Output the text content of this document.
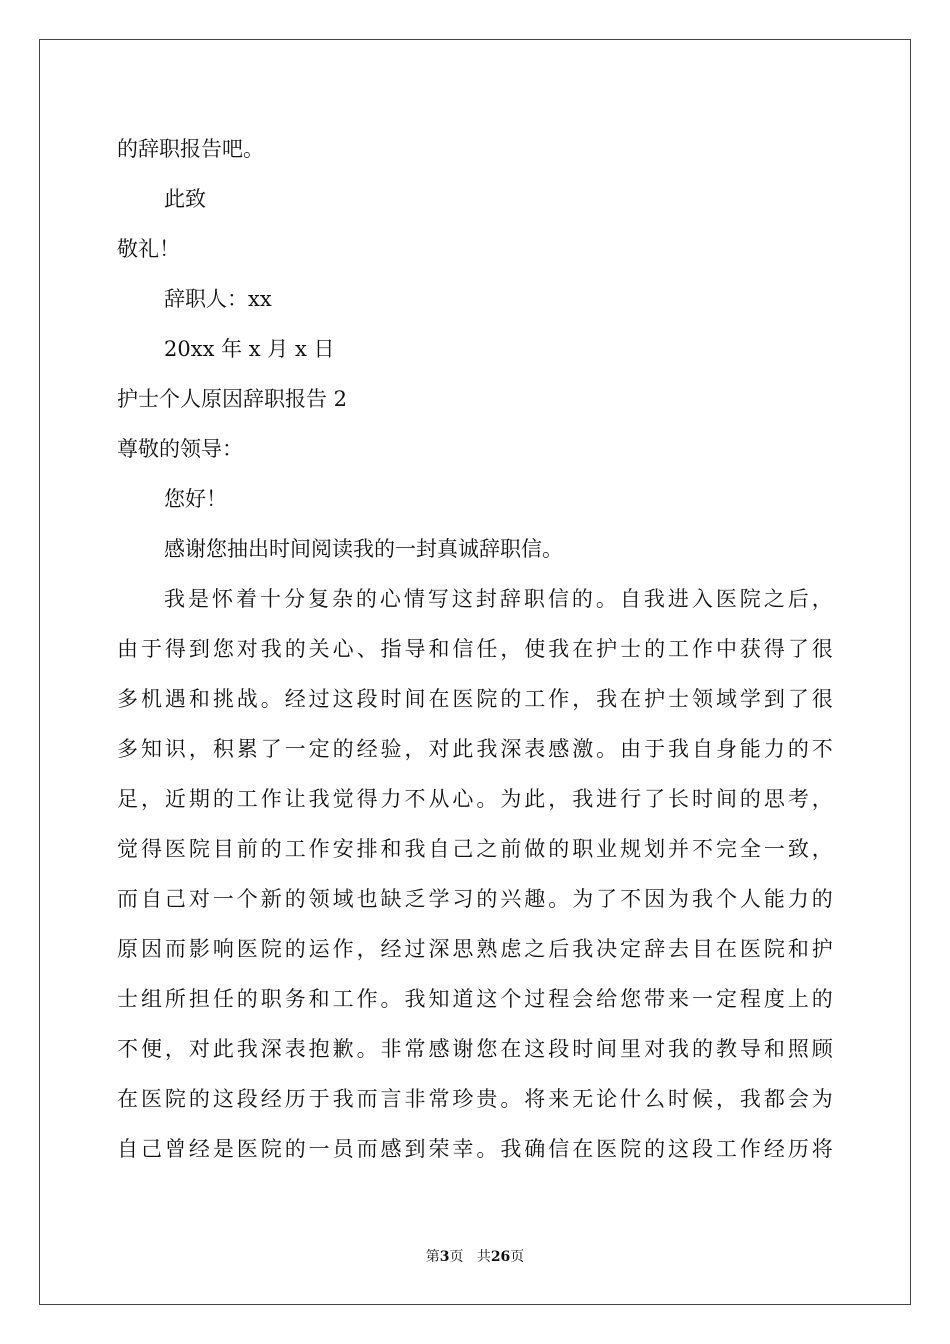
的辞职报告吧。
此致
敬礼！
辞职人：xx
20xx 年 x 月 x 日
护士个人原因辞职报告 2
尊敬的领导：
您好！
感谢您抽出时间阅读我的一封真诚辞职信。
我是怀着十分复杂的心情写这封辞职信的。自我进入医院之后，
由于得到您对我的关心、指导和信任，使我在护士的工作中获得了很
多机遇和挑战。经过这段时间在医院的工作，我在护士领域学到了很
多知识，积累了一定的经验，对此我深表感激。由于我自身能力的不
足，近期的工作让我觉得力不从心。为此，我进行了长时间的思考，
觉得医院目前的工作安排和我自己之前做的职业规划并不完全一致，
而自己对一个新的领域也缺乏学习的兴趣。为了不因为我个人能力的
原因而影响医院的运作，经过深思熟虑之后我决定辞去目在医院和护
士组所担任的职务和工作。我知道这个过程会给您带来一定程度上的
不便，对此我深表抱歉。非常感谢您在这段时间里对我的教导和照顾
在医院的这段经历于我而言非常珍贵。将来无论什么时候，我都会为
自己曾经是医院的一员而感到荣幸。我确信在医院的这段工作经历将
第3页 共26页
